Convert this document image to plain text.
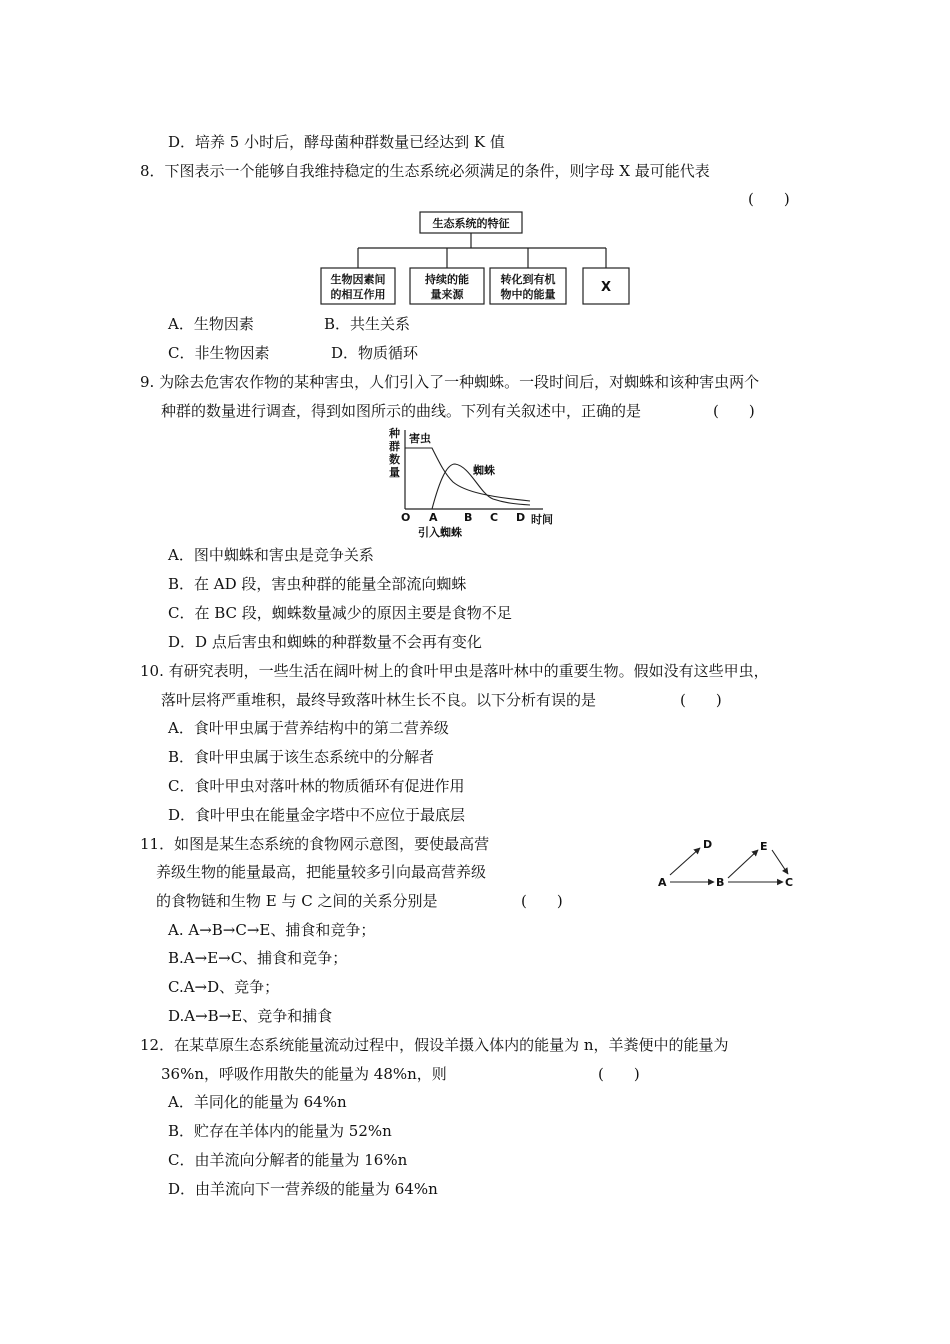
D．培养 5 小时后，酵母菌种群数量已经达到 K 值
8．下图表示一个能够自我维持稳定的生态系统必须满足的条件，则字母 X 最可能代表
(　　)
生态系统的特征
生物因素间
的相互作用
持续的能
量来源
转化到有机
物中的能量	X
A．生物因素	B．共生关系
C．非生物因素	D．物质循环
9. 为除去危害农作物的某种害虫，人们引入了一种蜘蛛。一段时间后，对蜘蛛和该种害虫两个
种群的数量进行调查，得到如图所示的曲线。下列有关叙述中，正确的是	(　　)
种
群
数
量
害虫
蜘蛛
O A B C D 时间
引入蜘蛛
A．图中蜘蛛和害虫是竞争关系
B．在 AD 段，害虫种群的能量全部流向蜘蛛
C．在 BC 段，蜘蛛数量减少的原因主要是食物不足
D．D 点后害虫和蜘蛛的种群数量不会再有变化
10. 有研究表明，一些生活在阔叶树上的食叶甲虫是落叶林中的重要生物。假如没有这些甲虫，
落叶层将严重堆积，最终导致落叶林生长不良。以下分析有误的是	(　　)
A．食叶甲虫属于营养结构中的第二营养级
B．食叶甲虫属于该生态系统中的分解者
C．食叶甲虫对落叶林的物质循环有促进作用
D．食叶甲虫在能量金字塔中不应位于最底层
11．如图是某生态系统的食物网示意图，要使最高营
养级生物的能量最高，把能量较多引向最高营养级
的食物链和生物 E 与 C 之间的关系分别是	(　　)
A	B	C
D	E
A. A→B→C→E、捕食和竞争；
B.A→E→C、捕食和竞争；
C.A→D、竞争；
D.A→B→E、竞争和捕食
12．在某草原生态系统能量流动过程中，假设羊摄入体内的能量为 n，羊粪便中的能量为
36%n，呼吸作用散失的能量为 48%n，则	(　　)
A．羊同化的能量为 64%n
B．贮存在羊体内的能量为 52%n
C．由羊流向分解者的能量为 16%n
D．由羊流向下一营养级的能量为 64%n
